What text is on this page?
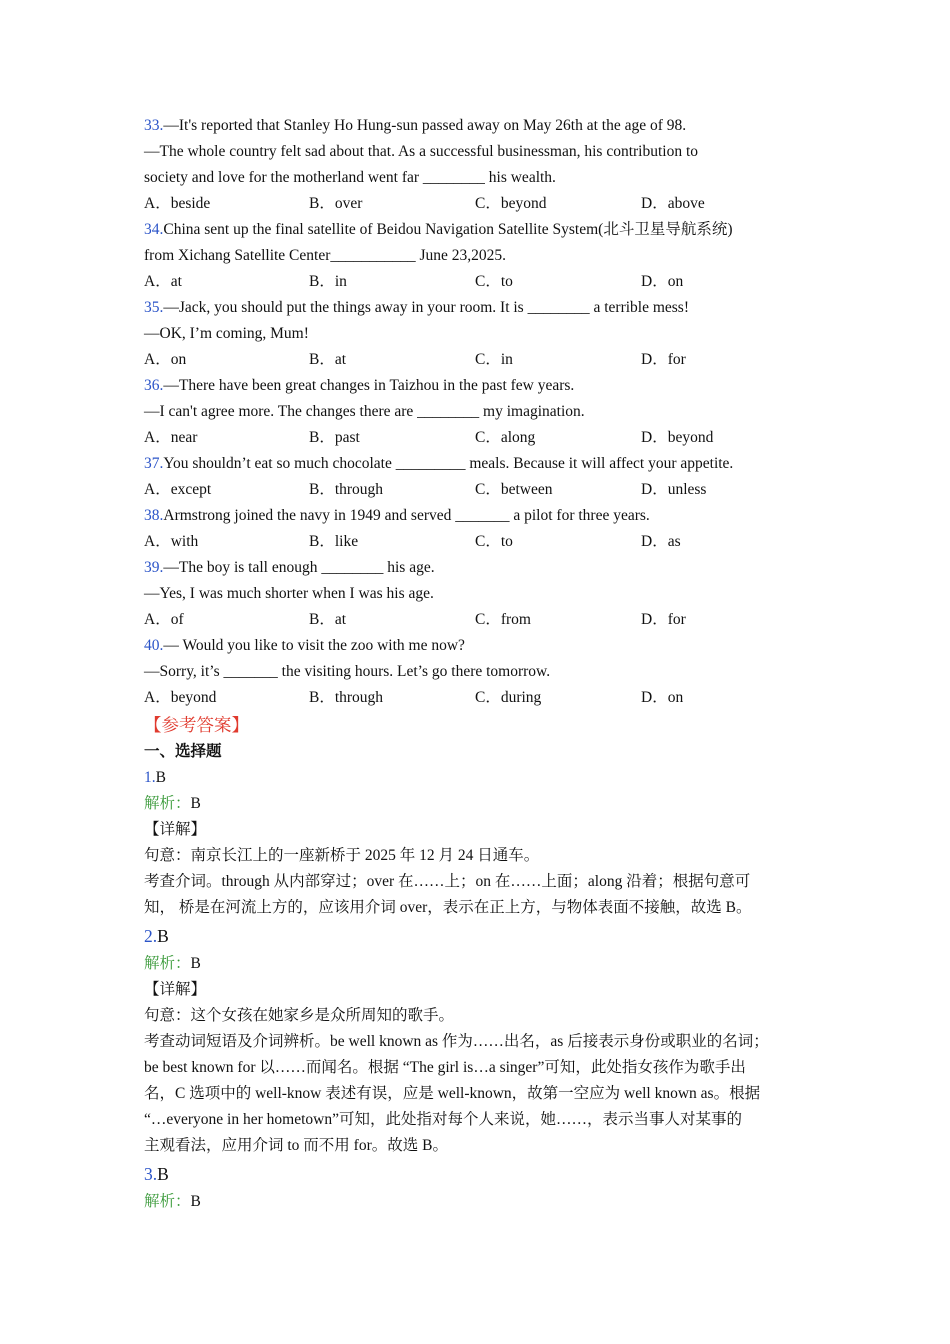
33.—It's reported that Stanley Ho Hung-sun passed away on May 26th at the age of 98.
—The whole country felt sad about that. As a successful businessman, his contribution to
society and love for the motherland went far ________ his wealth.
A．beside	B．over	C．beyond	D．above
34.China sent up the final satellite of Beidou Navigation Satellite System(北斗卫星导航系统)
from Xichang Satellite Center___________ June 23,2025.
A．at	B．in	C．to	D．on
35.—Jack, you should put the things away in your room. It is ________ a terrible mess!
—OK, I’m coming, Mum!
A．on	B．at	C．in	D．for
36.—There have been great changes in Taizhou in the past few years.
—I can't agree more. The changes there are ________ my imagination.
A．near	B．past	C．along	D．beyond
37.You shouldn’t eat so much chocolate _________ meals. Because it will affect your appetite.
A．except	B．through	C．between	D．unless
38.Armstrong joined the navy in 1949 and served _______ a pilot for three years.
A．with	B．like	C．to	D．as
39.—The boy is tall enough ________ his age.
—Yes, I was much shorter when I was his age.
A．of	B．at	C．from	D．for
40.— Would you like to visit the zoo with me now?
—Sorry, it’s _______ the visiting hours. Let’s go there tomorrow.
A．beyond	B．through	C．during	D．on
【参考答案】
一、选择题
1.B
解析：B
【详解】
句意：南京长江上的一座新桥于 2025 年 12 月 24 日通车。
考查介词。through 从内部穿过；over 在……上；on 在……上面；along 沿着；根据句意可
知， 桥是在河流上方的，应该用介词 over，表示在正上方，与物体表面不接触，故选 B。
2.B
解析：B
【详解】
句意：这个女孩在她家乡是众所周知的歌手。
考查动词短语及介词辨析。be well known as 作为……出名，as 后接表示身份或职业的名词；
be best known for 以……而闻名。根据 “The girl is…a singer”可知，此处指女孩作为歌手出
名，C 选项中的 well-know 表述有误，应是 well-known，故第一空应为 well known as。根据
“…everyone in her hometown”可知，此处指对每个人来说，她……，表示当事人对某事的
主观看法，应用介词 to 而不用 for。故选 B。
3.B
解析：B
